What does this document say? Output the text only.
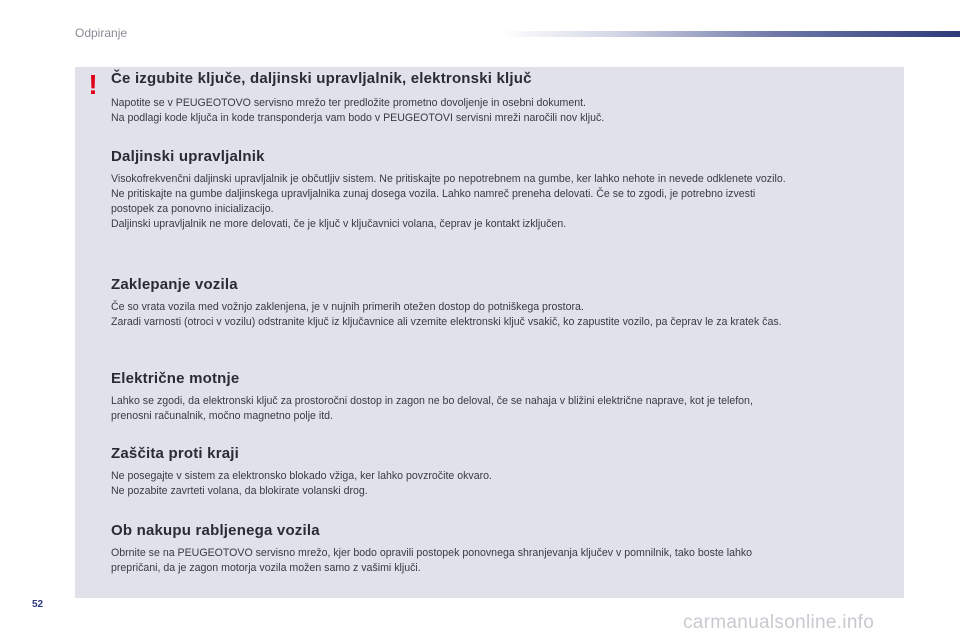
Odpiranje
! Če izgubite ključe, daljinski upravljalnik, elektronski ključ

Napotite se v PEUGEOTOVO servisno mrežo ter predložite prometno dovoljenje in osebni dokument.

Na podlagi kode ključa in kode transponderja vam bodo v PEUGEOTOVI servisni mreži naročili nov ključ.

Daljinski upravljalnik

Visokofrekvenčni daljinski upravljalnik je občutljiv sistem. Ne pritiskajte po nepotrebnem na gumbe, ker lahko nehote in nevede odklenete vozilo.

Ne pritiskajte na gumbe daljinskega upravljalnika zunaj dosega vozila. Lahko namreč preneha delovati. Če se to zgodi, je potrebno izvesti

postopek za ponovno inicializacijo.

Daljinski upravljalnik ne more delovati, če je ključ v ključavnici volana, čeprav je kontakt izključen.

Zaklepanje vozila

Če so vrata vozila med vožnjo zaklenjena, je v nujnih primerih otežen dostop do potniškega prostora.

Zaradi varnosti (otroci v vozilu) odstranite ključ iz ključavnice ali vzemite elektronski ključ vsakič, ko zapustite vozilo, pa čeprav le za kratek čas.

Električne motnje

Lahko se zgodi, da elektronski ključ za prostoročni dostop in zagon ne bo deloval, če se nahaja v bližini električne naprave, kot je telefon,

prenosni računalnik, močno magnetno polje itd.

Zaščita proti kraji

Ne posegajte v sistem za elektronsko blokado vžiga, ker lahko povzročite okvaro.

Ne pozabite zavrteti volana, da blokirate volanski drog.

Ob nakupu rabljenega vozila

Obrnite se na PEUGEOTOVO servisno mrežo, kjer bodo opravili postopek ponovnega shranjevanja ključev v pomnilnik, tako boste lahko

prepričani, da je zagon motorja vozila možen samo z vašimi ključi.

52
carmanualsonline.info
